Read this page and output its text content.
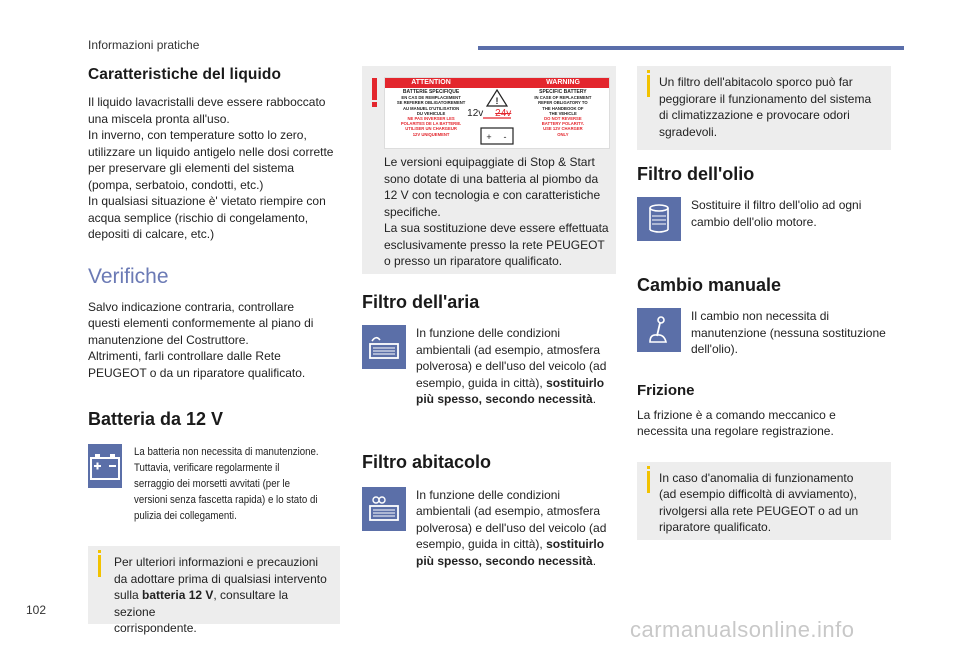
Informazioni pratiche
Caratteristiche del liquido

Il liquido lavacristalli deve essere rabboccato
una miscela pronta all'uso.
In inverno, con temperature sotto lo zero,
utilizzare un liquido antigelo nelle dosi corrette
per preservare gli elementi del sistema
(pompa, serbatoio, condotti, etc.)
In qualsiasi situazione è' vietato riempire con
acqua semplice (rischio di congelamento,
depositi di calcare, etc.)

Verifiche

Salvo indicazione contraria, controllare
questi elementi conformemente al piano di
manutenzione del Costruttore.
Altrimenti, farli controllare dalle Rete
PEUGEOT o da un riparatore qualificato.

Batteria da 12 V

La batteria non necessita di manutenzione.
Tuttavia, verificare regolarmente il
serraggio dei morsetti avvitati (per le
versioni senza fascetta rapida) e lo stato di
pulizia dei collegamenti.

Per ulteriori informazioni e precauzioni
da adottare prima di qualsiasi intervento
sulla batteria 12 V, consultare la sezione
corrispondente.

ATTENTION	WARNING
BATTERIE SPECIFIQUE
EN CAS DE REMPLACEMENT
SE REFERER OBLIGATOIREMENT
AU MANUEL D'UTILISATION
DU VEHICULE
NE PAS INVERSER LES
POLARITES DE LA BATTERIE.
UTILISER UN CHARGEUR
12V UNIQUEMENT
!
+ -
12v 24v
SPECIFIC BATTERY
IN CASE OF REPLACEMENT
REFER OBLIGATORY TO
THE HANDBOOK OF
THE VEHICLE
DO NOT REVERSE
BATTERY POLARITY.
USE 12V CHARGER
ONLY

Le versioni equipaggiate di Stop & Start
sono dotate di una batteria al piombo da
12 V con tecnologia e con caratteristiche
specifiche.
La sua sostituzione deve essere effettuata
esclusivamente presso la rete PEUGEOT
o presso un riparatore qualificato.

Filtro dell'aria

In funzione delle condizioni
ambientali (ad esempio, atmosfera
polverosa) e dell'uso del veicolo (ad
esempio, guida in città), sostituirlo
più spesso, secondo necessità.

Filtro abitacolo

In funzione delle condizioni
ambientali (ad esempio, atmosfera
polverosa) e dell'uso del veicolo (ad
esempio, guida in città), sostituirlo
più spesso, secondo necessità.

Un filtro dell'abitacolo sporco può far
peggiorare il funzionamento del sistema
di climatizzazione e provocare odori
sgradevoli.

Filtro dell'olio

Sostituire il filtro dell'olio ad ogni
cambio dell'olio motore.

Cambio manuale

Il cambio non necessita di
manutenzione (nessuna sostituzione
dell'olio).

Frizione

La frizione è a comando meccanico e
necessita una regolare registrazione.

In caso d'anomalia di funzionamento
(ad esempio difficoltà di avviamento),
rivolgersi alla rete PEUGEOT o ad un
riparatore qualificato.

102
carmanualsonline.info
